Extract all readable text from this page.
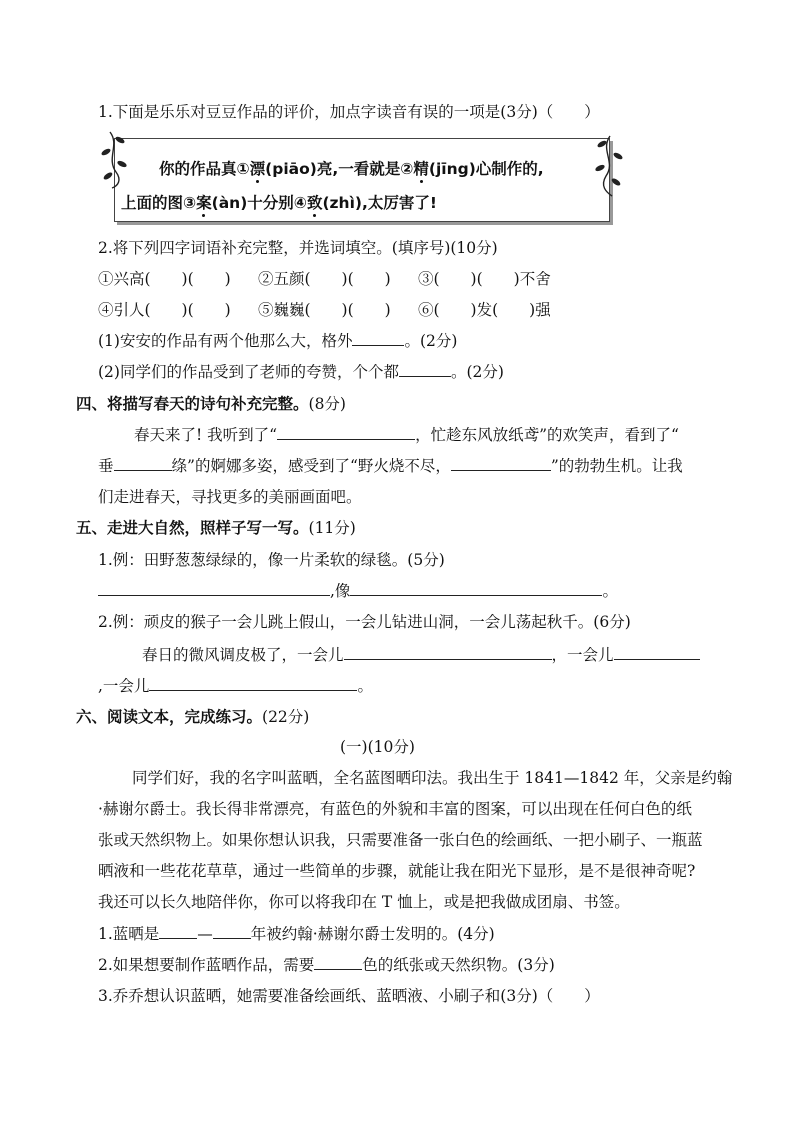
1.下面是乐乐对豆豆作品的评价，加点字读音有误的一项是(3分)（　　）
你的作品真①漂(piāo)亮,一看就是②精(jīng)心制作的,
上面的图③案(àn)十分别④致(zhì),太厉害了!
2.将下列四字词语补充完整，并选词填空。(填序号)(10分)
①兴高(　　)(　　) ②五颜(　　)(　　) ③(　　)(　　)不舍
④引人(　　)(　　) ⑤巍巍(　　)(　　) ⑥(　　)发(　　)强
(1)安安的作品有两个他那么大，格外	。(2分)
(2)同学们的作品受到了老师的夸赞，个个都	。(2分)
四、将描写春天的诗句补充完整。(8分)
春天来了! 我听到了“	，忙趁东风放纸鸢”的欢笑声，看到了“
垂	绦”的婀娜多姿，感受到了“野火烧不尽，	”的勃勃生机。让我
们走进春天，寻找更多的美丽画面吧。
五、走进大自然，照样子写一写。(11分)
1.例：田野葱葱绿绿的，像一片柔软的绿毯。(5分)
,像	。
2.例：顽皮的猴子一会儿跳上假山，一会儿钻进山洞，一会儿荡起秋千。(6分)
春日的微风调皮极了，一会儿	，一会儿
,一会儿	。
六、阅读文本，完成练习。(22分)
(一)(10分)
同学们好，我的名字叫蓝晒，全名蓝图晒印法。我出生于 1841—1842 年，父亲是约翰
·赫谢尔爵士。我长得非常漂亮，有蓝色的外貌和丰富的图案，可以出现在任何白色的纸
张或天然织物上。如果你想认识我，只需要准备一张白色的绘画纸、一把小刷子、一瓶蓝
晒液和一些花花草草，通过一些简单的步骤，就能让我在阳光下显形，是不是很神奇呢?
我还可以长久地陪伴你，你可以将我印在 T 恤上，或是把我做成团扇、书签。
1.蓝晒是 — 年被约翰·赫谢尔爵士发明的。(4分)
2.如果想要制作蓝晒作品，需要	色的纸张或天然织物。(3分)
3.乔乔想认识蓝晒，她需要准备绘画纸、蓝晒液、小刷子和(3分)（　　）
